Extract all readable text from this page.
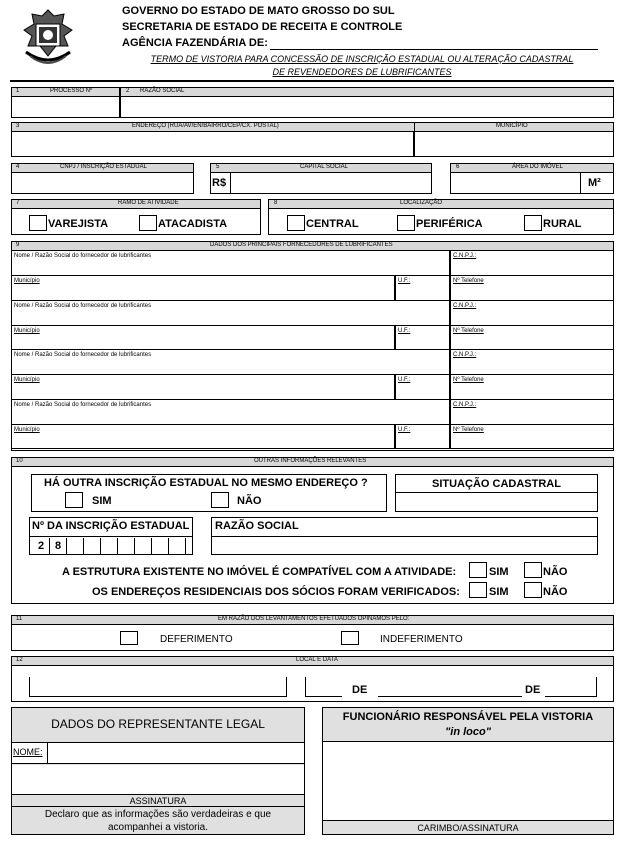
GOVERNO DO ESTADO DE MATO GROSSO DO SUL
SECRETARIA DE ESTADO DE RECEITA E CONTROLE
AGÊNCIA FAZENDÁRIA DE:
TERMO DE VISTORIA PARA CONCESSÃO DE INSCRIÇÃO ESTADUAL OU ALTERAÇÃO CADASTRAL
DE REVENDEDORES DE LUBRIFICANTES
1	PROCESSO Nº	2 RAZÃO SOCIAL
3	ENDEREÇO (RUA/AV/EN/BAIRRO/CEP/CX. POSTAL)	MUNICÍPIO
4	CNPJ / INSCRIÇÃO ESTADUAL	5	CAPITAL SOCIAL
R$
6	ÁREA DO IMÓVEL
M²
7	RAMO DE ATIVIDADE
VAREJISTA	ATACADISTA
8	LOCALIZAÇÃO
CENTRAL	PERIFÉRICA	RURAL
9	DADOS DOS PRINCIPAIS FORNECEDORES DE LUBRIFICANTES
Nome / Razão Social do fornecedor de lubrificantes	C.N.P.J.:
Município	U.F.:	Nº Telefone
Nome / Razão Social do fornecedor de lubrificantes	C.N.P.J.:
Município	U.F.:	Nº Telefone
Nome / Razão Social do fornecedor de lubrificantes	C.N.P.J.:
Município	U.F.:	Nº Telefone
Nome / Razão Social do fornecedor de lubrificantes	C.N.P.J.:
Município	U.F.:	Nº Telefone
10	OUTRAS INFORMAÇÕES RELEVANTES
HÁ OUTRA INSCRIÇÃO ESTADUAL NO MESMO ENDEREÇO ?
SIM	NÃO
SITUAÇÃO CADASTRAL
Nº DA INSCRIÇÃO ESTADUAL
2 8
RAZÃO SOCIAL
A ESTRUTURA EXISTENTE NO IMÓVEL É COMPATÍVEL COM A ATIVIDADE:	SIM	NÃO
OS ENDEREÇOS RESIDENCIAIS DOS SÓCIOS FORAM VERIFICADOS:	SIM	NÃO
11	EM RAZÃO DOS LEVANTAMENTOS EFETUADOS OPINAMOS PELO:
DEFERIMENTO	INDEFERIMENTO
12	LOCAL E DATA
DE	DE
DADOS DO REPRESENTANTE LEGAL
NOME:
ASSINATURA
Declaro que as informações são verdadeiras e que
acompanhei a vistoria.
FUNCIONÁRIO RESPONSÁVEL PELA VISTORIA
"in loco"
CARIMBO/ASSINATURA
